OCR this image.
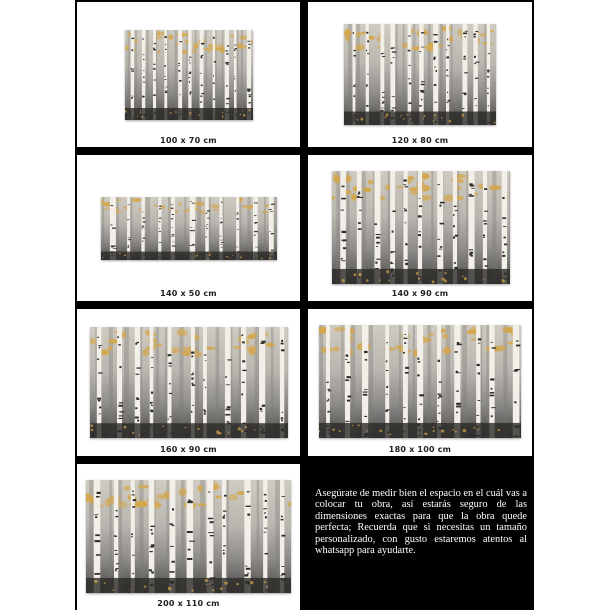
100 x 70 cm	120 x 80 cm
140 x 50 cm	140 x 90 cm
160 x 90 cm	180 x 100 cm
200 x 110 cm

Asegúrate de medir bien el espacio en el cuál vas a colocar tu obra, así estarás seguro de las dimensiones exactas para que la obra quede perfecta; Recuerda que si necesitas un tamaño personalizado, con gusto estaremos atentos al whatsapp para ayudarte.
